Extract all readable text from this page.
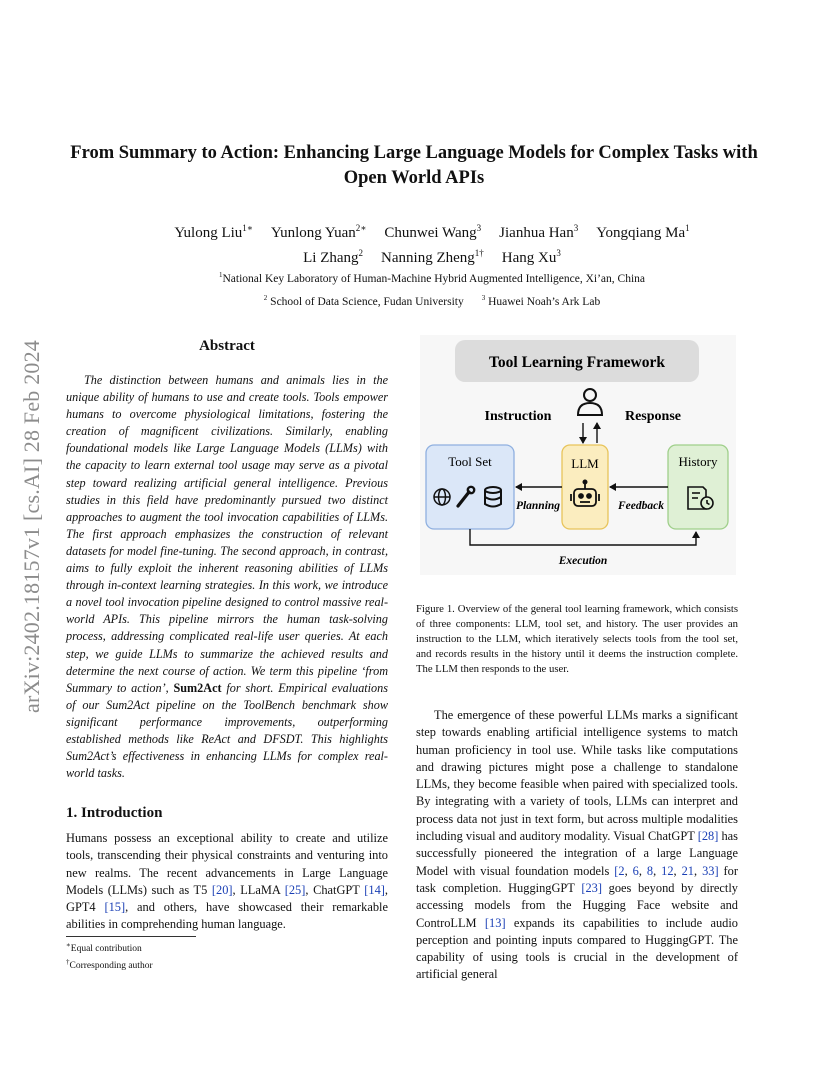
arXiv:2402.18157v1 [cs.AI] 28 Feb 2024
From Summary to Action: Enhancing Large Language Models for Complex Tasks with Open World APIs
Yulong Liu$^{1∗}$ Yunlong Yuan$^{2∗}$ Chunwei Wang$^3$ Jianhua Han$^3$ Yongqiang Ma$^1$
Li Zhang$^2$ Nanning Zheng$^{1\dagger}$ Hang Xu$^3$
$^1$National Key Laboratory of Human-Machine Hybrid Augmented Intelligence, Xi’an, China
$^2$ School of Data Science, Fudan University	$^3$ Huawei Noah’s Ark Lab
Abstract
The distinction between humans and animals lies in the unique ability of humans to use and create tools. Tools empower humans to overcome physiological limitations, fostering the creation of magnificent civilizations. Similarly, enabling foundational models like Large Language Models (LLMs) with the capacity to learn external tool usage may serve as a pivotal step toward realizing artificial general intelligence. Previous studies in this field have predominantly pursued two distinct approaches to augment the tool invocation capabilities of LLMs. The first approach emphasizes the construction of relevant datasets for model fine-tuning. The second approach, in contrast, aims to fully exploit the inherent reasoning abilities of LLMs through in-context learning strategies. In this work, we introduce a novel tool invocation pipeline designed to control massive real-world APIs. This pipeline mirrors the human task-solving process, addressing complicated real-life user queries. At each step, we guide LLMs to summarize the achieved results and determine the next course of action. We term this pipeline ‘from Summary to action’, Sum2Act for short. Empirical evaluations of our Sum2Act pipeline on the ToolBench benchmark show significant performance improvements, outperforming established methods like ReAct and DFSDT. This highlights Sum2Act’s effectiveness in enhancing LLMs for complex real-world tasks.
1. Introduction
Humans possess an exceptional ability to create and utilize tools, transcending their physical constraints and venturing into new realms. The recent advancements in Large Language Models (LLMs) such as T5 [20], LLaMA [25], ChatGPT [14], GPT4 [15], and others, have showcased their remarkable abilities in comprehending human language.
∗Equal contribution
†Corresponding author
Tool Learning Framework
Instruction	Response
Tool Set	LLM	History
Planning	Feedback
Execution
Figure 1. Overview of the general tool learning framework, which consists of three components: LLM, tool set, and history. The user provides an instruction to the LLM, which iteratively selects tools from the tool set, and records results in the history until it deems the instruction complete. The LLM then responds to the user.
The emergence of these powerful LLMs marks a significant step towards enabling artificial intelligence systems to match human proficiency in tool use. While tasks like computations and drawing pictures might pose a challenge to standalone LLMs, they become feasible when paired with specialized tools. By integrating with a variety of tools, LLMs can interpret and process data not just in text form, but across multiple modalities including visual and auditory modality. Visual ChatGPT [28] has successfully pioneered the integration of a large Language Model with visual foundation models [2, 6, 8, 12, 21, 33] for task completion. HuggingGPT [23] goes beyond by directly accessing models from the Hugging Face website and ControLLM [13] expands its capabilities to include audio perception and pointing inputs compared to HuggingGPT. The capability of using tools is crucial in the development of artificial general
